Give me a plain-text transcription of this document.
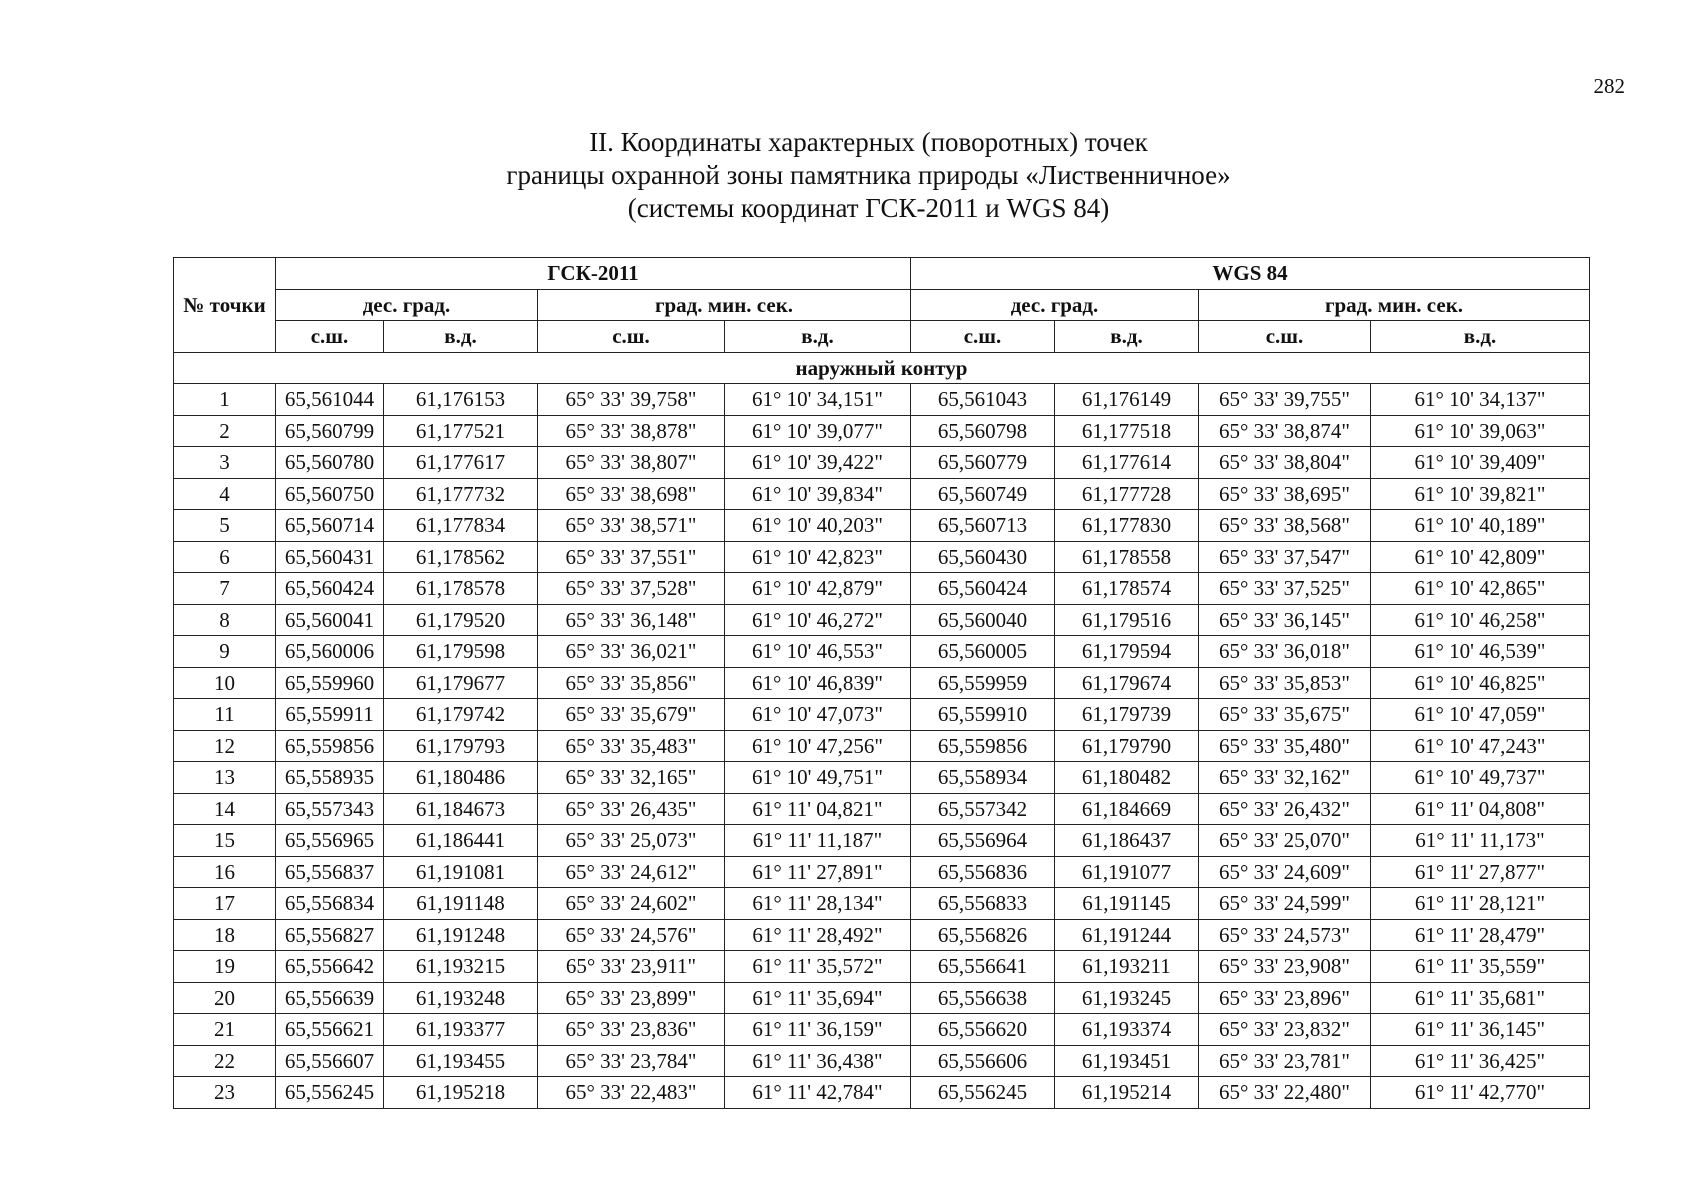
282
II. Координаты характерных (поворотных) точек
границы охранной зоны памятника природы «Лиственничное»
(системы координат ГСК-2011 и WGS 84)
№ точки	ГСК-2011				WGS 84			
	дес. град.		град. мин. сек.		дес. град.		град. мин. сек.	
	с.ш.	в.д.	с.ш.	в.д.	с.ш.	в.д.	с.ш.	в.д.
наружный контур								
1	65,561044	61,176153	65° 33' 39,758"	61° 10' 34,151"	65,561043	61,176149	65° 33' 39,755"	61° 10' 34,137"
2	65,560799	61,177521	65° 33' 38,878"	61° 10' 39,077"	65,560798	61,177518	65° 33' 38,874"	61° 10' 39,063"
3	65,560780	61,177617	65° 33' 38,807"	61° 10' 39,422"	65,560779	61,177614	65° 33' 38,804"	61° 10' 39,409"
4	65,560750	61,177732	65° 33' 38,698"	61° 10' 39,834"	65,560749	61,177728	65° 33' 38,695"	61° 10' 39,821"
5	65,560714	61,177834	65° 33' 38,571"	61° 10' 40,203"	65,560713	61,177830	65° 33' 38,568"	61° 10' 40,189"
6	65,560431	61,178562	65° 33' 37,551"	61° 10' 42,823"	65,560430	61,178558	65° 33' 37,547"	61° 10' 42,809"
7	65,560424	61,178578	65° 33' 37,528"	61° 10' 42,879"	65,560424	61,178574	65° 33' 37,525"	61° 10' 42,865"
8	65,560041	61,179520	65° 33' 36,148"	61° 10' 46,272"	65,560040	61,179516	65° 33' 36,145"	61° 10' 46,258"
9	65,560006	61,179598	65° 33' 36,021"	61° 10' 46,553"	65,560005	61,179594	65° 33' 36,018"	61° 10' 46,539"
10	65,559960	61,179677	65° 33' 35,856"	61° 10' 46,839"	65,559959	61,179674	65° 33' 35,853"	61° 10' 46,825"
11	65,559911	61,179742	65° 33' 35,679"	61° 10' 47,073"	65,559910	61,179739	65° 33' 35,675"	61° 10' 47,059"
12	65,559856	61,179793	65° 33' 35,483"	61° 10' 47,256"	65,559856	61,179790	65° 33' 35,480"	61° 10' 47,243"
13	65,558935	61,180486	65° 33' 32,165"	61° 10' 49,751"	65,558934	61,180482	65° 33' 32,162"	61° 10' 49,737"
14	65,557343	61,184673	65° 33' 26,435"	61° 11' 04,821"	65,557342	61,184669	65° 33' 26,432"	61° 11' 04,808"
15	65,556965	61,186441	65° 33' 25,073"	61° 11' 11,187"	65,556964	61,186437	65° 33' 25,070"	61° 11' 11,173"
16	65,556837	61,191081	65° 33' 24,612"	61° 11' 27,891"	65,556836	61,191077	65° 33' 24,609"	61° 11' 27,877"
17	65,556834	61,191148	65° 33' 24,602"	61° 11' 28,134"	65,556833	61,191145	65° 33' 24,599"	61° 11' 28,121"
18	65,556827	61,191248	65° 33' 24,576"	61° 11' 28,492"	65,556826	61,191244	65° 33' 24,573"	61° 11' 28,479"
19	65,556642	61,193215	65° 33' 23,911"	61° 11' 35,572"	65,556641	61,193211	65° 33' 23,908"	61° 11' 35,559"
20	65,556639	61,193248	65° 33' 23,899"	61° 11' 35,694"	65,556638	61,193245	65° 33' 23,896"	61° 11' 35,681"
21	65,556621	61,193377	65° 33' 23,836"	61° 11' 36,159"	65,556620	61,193374	65° 33' 23,832"	61° 11' 36,145"
22	65,556607	61,193455	65° 33' 23,784"	61° 11' 36,438"	65,556606	61,193451	65° 33' 23,781"	61° 11' 36,425"
23	65,556245	61,195218	65° 33' 22,483"	61° 11' 42,784"	65,556245	61,195214	65° 33' 22,480"	61° 11' 42,770"
